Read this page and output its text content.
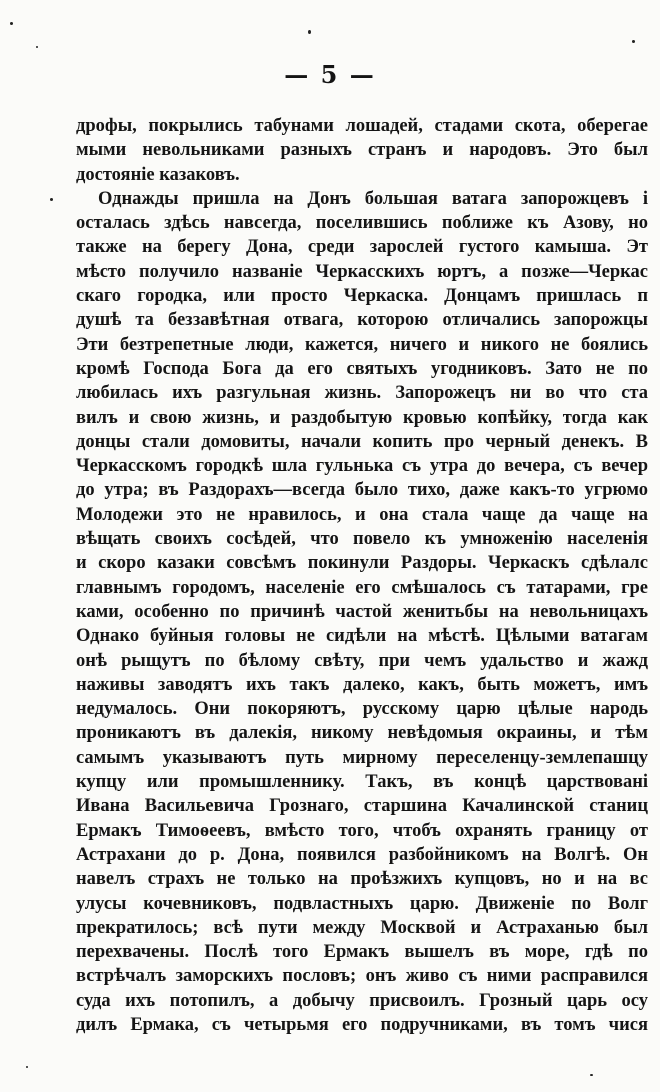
— 5 —
дрофы, покрылись табунами лошадей, стадами скота, оберегае
мыми невольниками разныхъ странъ и народовъ. Это был
достояніе казаковъ.
Однажды пришла на Донъ большая ватага запорожцевъ і
осталась здѣсь навсегда, поселившись поближе къ Азову, но
также на берегу Дона, среди зарослей густого камыша. Эт
мѣсто получило названіе Черкасскихъ юртъ, а позже—Черкас
скаго городка, или просто Черкаска. Донцамъ пришлась п
душѣ та беззавѣтная отвага, которою отличались запорожцы
Эти безтрепетные люди, кажется, ничего и никого не боялись
кромѣ Господа Бога да его святыхъ угодниковъ. Зато не по
любилась ихъ разгульная жизнь. Запорожецъ ни во что ста
вилъ и свою жизнь, и раздобытую кровью копѣйку, тогда как
донцы стали домовиты, начали копить про черный денекъ. В
Черкасскомъ городкѣ шла гульнька съ утра до вечера, съ вечер
до утра; въ Раздорахъ—всегда было тихо, даже какъ-то угрюмо
Молодежи это не нравилось, и она стала чаще да чаще на
вѣщать своихъ сосѣдей, что повело къ умноженію населенія
и скоро казаки совсѣмъ покинули Раздоры. Черкаскъ сдѣлалс
главнымъ городомъ, населеніе его смѣшалось съ татарами, гре
ками, особенно по причинѣ частой женитьбы на невольницахъ
Однако буйныя головы не сидѣли на мѣстѣ. Цѣлыми ватагам
онѣ рыщутъ по бѣлому свѣту, при чемъ удальство и жажд
наживы заводятъ ихъ такъ далеко, какъ, быть можетъ, имъ
недумалось. Они покоряютъ, русскому царю цѣлые народь
проникаютъ въ далекія, никому невѣдомыя окраины, и тѣм
самымъ указываютъ путь мирному переселенцу-землепашцу
купцу или промышленнику. Такъ, въ концѣ царствовані
Ивана Васильевича Грознаго, старшина Качалинской станиц
Ермакъ Тимоѳеевъ, вмѣсто того, чтобъ охранять границу от
Астрахани до р. Дона, появился разбойникомъ на Волгѣ. Он
навелъ страхъ не только на проѣзжихъ купцовъ, но и на вс
улусы кочевниковъ, подвластныхъ царю. Движеніе по Волг
прекратилось; всѣ пути между Москвой и Астраханью был
перехвачены. Послѣ того Ермакъ вышелъ въ море, гдѣ по
встрѣчалъ заморскихъ пословъ; онъ живо съ ними расправился
суда ихъ потопилъ, а добычу присвоилъ. Грозный царь осу
дилъ Ермака, съ четырьмя его подручниками, въ томъ чися
